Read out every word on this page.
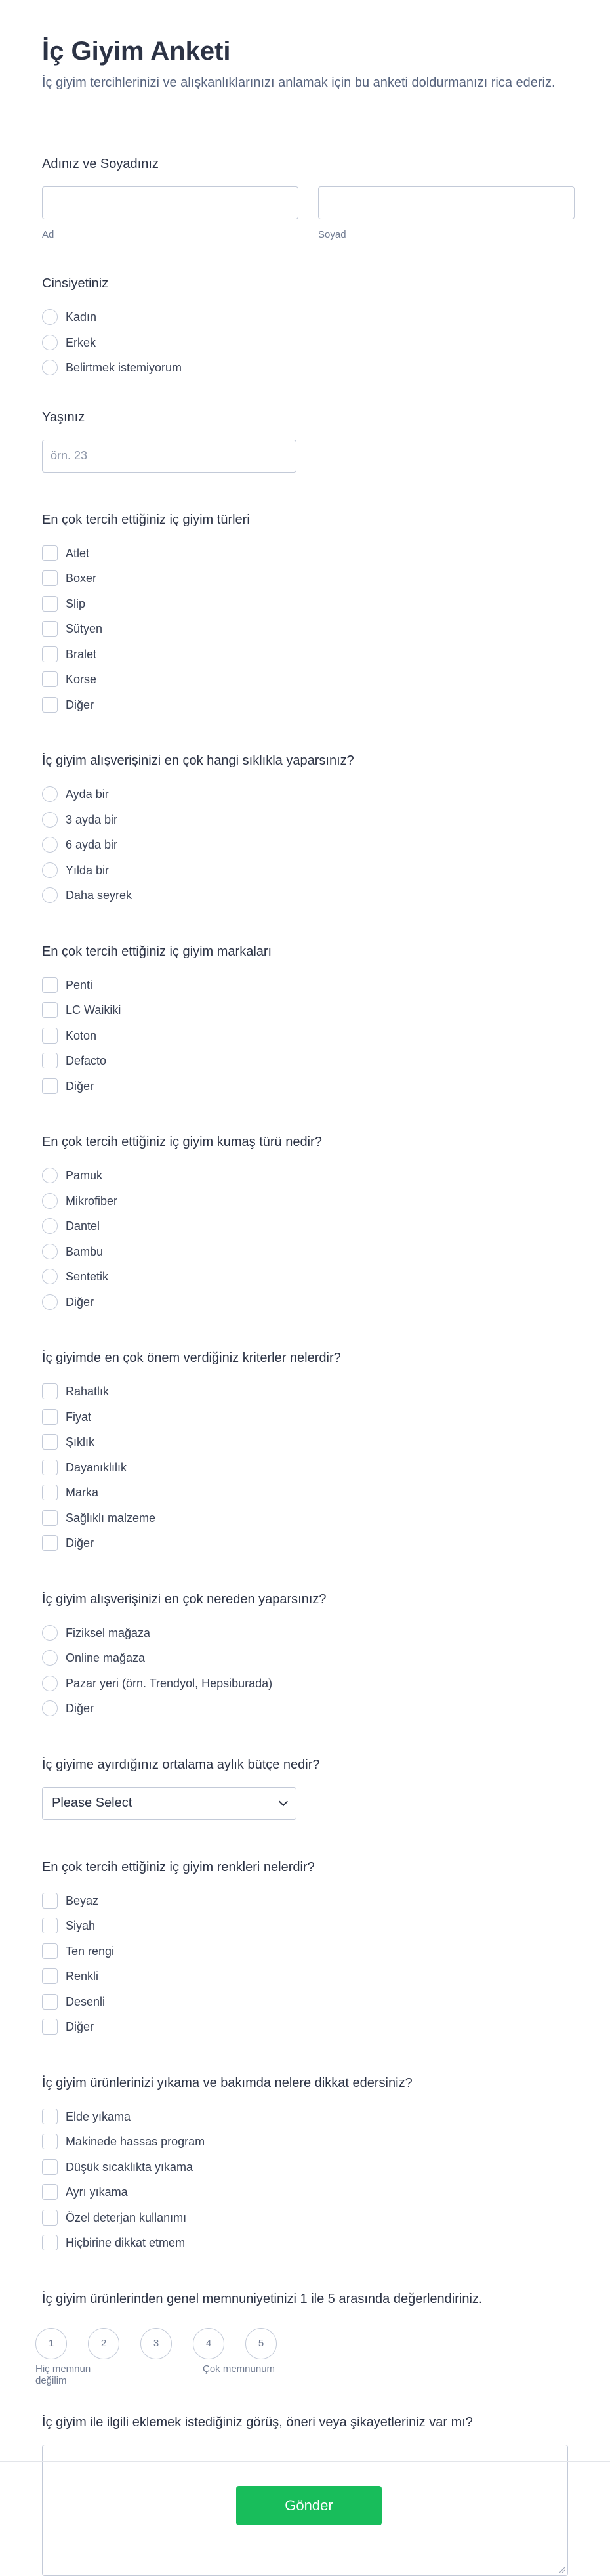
İç Giyim Anketi

İç giyim tercihlerinizi ve alışkanlıklarınızı anlamak için bu anketi doldurmanızı rica ederiz.

Adınız ve Soyadınız
Ad	Soyad
Cinsiyetiniz
Kadın
Erkek
Belirtmek istemiyorum
Yaşınız
örn. 23
En çok tercih ettiğiniz iç giyim türleri
Atlet
Boxer
Slip
Sütyen
Bralet
Korse
Diğer
İç giyim alışverişinizi en çok hangi sıklıkla yaparsınız?
Ayda bir
3 ayda bir
6 ayda bir
Yılda bir
Daha seyrek
En çok tercih ettiğiniz iç giyim markaları
Penti
LC Waikiki
Koton
Defacto
Diğer
En çok tercih ettiğiniz iç giyim kumaş türü nedir?
Pamuk
Mikrofiber
Dantel
Bambu
Sentetik
Diğer
İç giyimde en çok önem verdiğiniz kriterler nelerdir?
Rahatlık
Fiyat
Şıklık
Dayanıklılık
Marka
Sağlıklı malzeme
Diğer
İç giyim alışverişinizi en çok nereden yaparsınız?
Fiziksel mağaza
Online mağaza
Pazar yeri (örn. Trendyol, Hepsiburada)
Diğer
İç giyime ayırdığınız ortalama aylık bütçe nedir?
Please Select
En çok tercih ettiğiniz iç giyim renkleri nelerdir?
Beyaz
Siyah
Ten rengi
Renkli
Desenli
Diğer
İç giyim ürünlerinizi yıkama ve bakımda nelere dikkat edersiniz?
Elde yıkama
Makinede hassas program
Düşük sıcaklıkta yıkama
Ayrı yıkama
Özel deterjan kullanımı
Hiçbirine dikkat etmem
İç giyim ürünlerinden genel memnuniyetinizi 1 ile 5 arasında değerlendiriniz.
1	2	3	4	5
Hiç memnun değilim
Çok memnunum
İç giyim ile ilgili eklemek istediğiniz görüş, öneri veya şikayetleriniz var mı?
Gönder
